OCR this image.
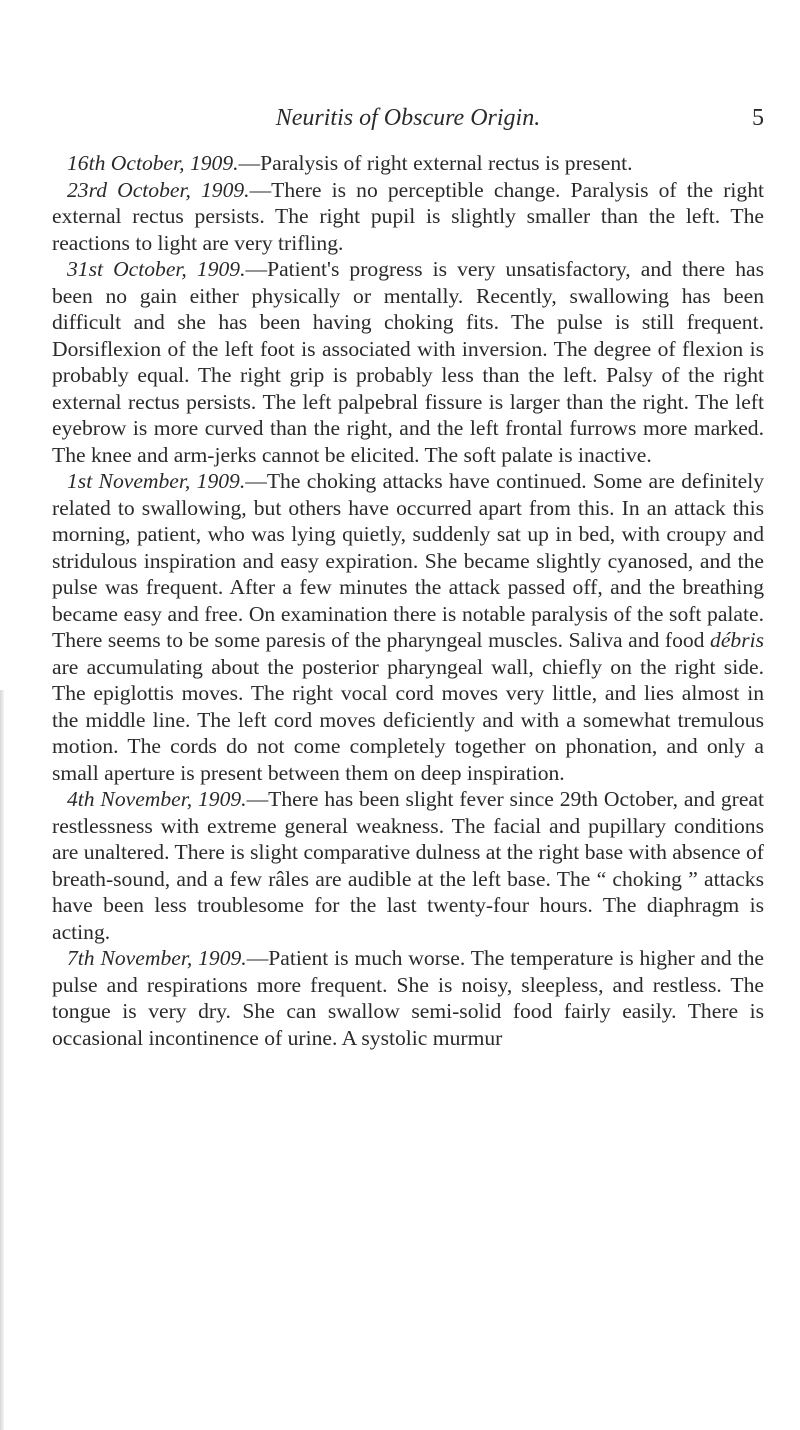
Neuritis of Obscure Origin.	5

16th October, 1909.—Paralysis of right external rectus is present.

23rd October, 1909.—There is no perceptible change. Paralysis of the right external rectus persists. The right pupil is slightly smaller than the left. The reactions to light are very trifling.

31st October, 1909.—Patient's progress is very unsatisfactory, and there has been no gain either physically or mentally. Recently, swallowing has been difficult and she has been having choking fits. The pulse is still frequent. Dorsiflexion of the left foot is associated with inversion. The degree of flexion is probably equal. The right grip is probably less than the left. Palsy of the right external rectus persists. The left palpebral fissure is larger than the right. The left eyebrow is more curved than the right, and the left frontal furrows more marked. The knee and arm-jerks cannot be elicited. The soft palate is inactive.

1st November, 1909.—The choking attacks have continued. Some are definitely related to swallowing, but others have occurred apart from this. In an attack this morning, patient, who was lying quietly, suddenly sat up in bed, with croupy and stridulous inspiration and easy expiration. She became slightly cyanosed, and the pulse was frequent. After a few minutes the attack passed off, and the breathing became easy and free. On examination there is notable paralysis of the soft palate. There seems to be some paresis of the pharyngeal muscles. Saliva and food débris are accumulating about the posterior pharyngeal wall, chiefly on the right side. The epiglottis moves. The right vocal cord moves very little, and lies almost in the middle line. The left cord moves deficiently and with a somewhat tremulous motion. The cords do not come completely together on phonation, and only a small aperture is present between them on deep inspiration.

4th November, 1909.—There has been slight fever since 29th October, and great restlessness with extreme general weakness. The facial and pupillary conditions are unaltered. There is slight comparative dulness at the right base with absence of breath-sound, and a few râles are audible at the left base. The “ choking ” attacks have been less troublesome for the last twenty-four hours. The diaphragm is acting.

7th November, 1909.—Patient is much worse. The temperature is higher and the pulse and respirations more frequent. She is noisy, sleepless, and restless. The tongue is very dry. She can swallow semi-solid food fairly easily. There is occasional incontinence of urine. A systolic murmur
